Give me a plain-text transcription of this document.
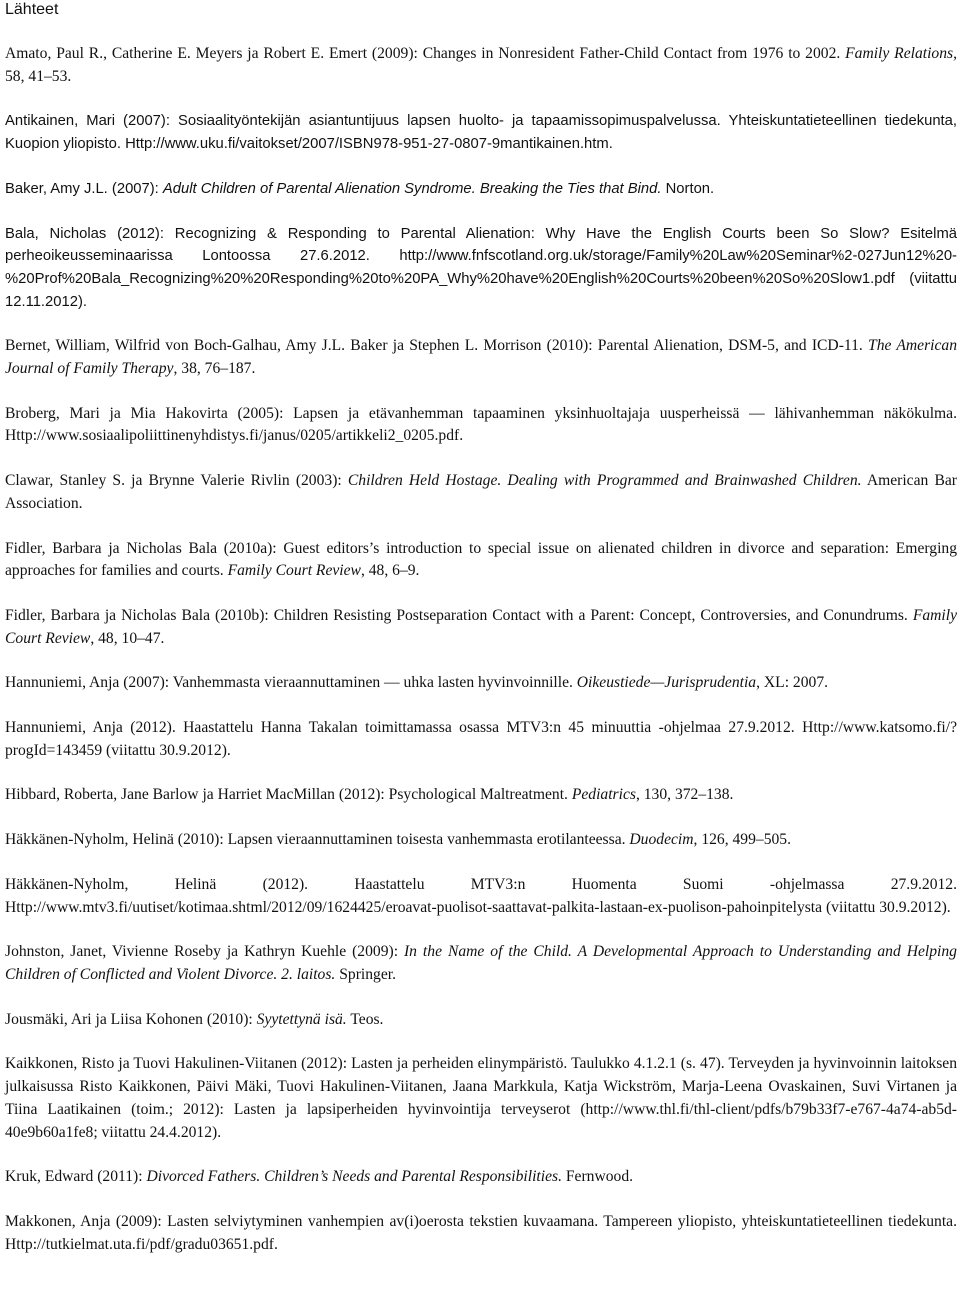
Lähteet

Amato, Paul R., Catherine E. Meyers ja Robert E. Emert (2009): Changes in Nonresident Father-Child Contact from 1976 to 2002. Family Relations, 58, 41–53.

Antikainen, Mari (2007): Sosiaalityöntekijän asiantuntijuus lapsen huolto- ja tapaamissopimuspalvelussa. Yhteiskuntatieteellinen tiedekunta, Kuopion yliopisto. Http://www.uku.fi/vaitokset/2007/ISBN978-951-27-0807-9mantikainen.htm.

Baker, Amy J.L. (2007): Adult Children of Parental Alienation Syndrome. Breaking the Ties that Bind. Norton.

Bala, Nicholas (2012): Recognizing & Responding to Parental Alienation: Why Have the English Courts been So Slow? Esitelmä perheoikeusseminaarissa Lontoossa 27.6.2012. http://www.fnfscotland.org.uk/storage/Family%20Law%20Seminar%2-027Jun12%20-%20Prof%20Bala_Recognizing%20%20Responding%20to%20PA_Why%20have%20English%20Courts%20been%20So%20Slow1.pdf (viitattu 12.11.2012).

Bernet, William, Wilfrid von Boch-Galhau, Amy J.L. Baker ja Stephen L. Morrison (2010): Parental Alienation, DSM-5, and ICD-11. The American Journal of Family Therapy, 38, 76–187.

Broberg, Mari ja Mia Hakovirta (2005): Lapsen ja etävanhemman tapaaminen yksinhuoltajaja uusperheissä — lähivanhemman näkökulma. Http://www.sosiaalipoliittinenyhdistys.fi/janus/0205/artikkeli2_0205.pdf.

Clawar, Stanley S. ja Brynne Valerie Rivlin (2003): Children Held Hostage. Dealing with Programmed and Brainwashed Children. American Bar Association.

Fidler, Barbara ja Nicholas Bala (2010a): Guest editors’s introduction to special issue on alienated children in divorce and separation: Emerging approaches for families and courts. Family Court Review, 48, 6–9.

Fidler, Barbara ja Nicholas Bala (2010b): Children Resisting Postseparation Contact with a Parent: Concept, Controversies, and Conundrums. Family Court Review, 48, 10–47.

Hannuniemi, Anja (2007): Vanhemmasta vieraannuttaminen — uhka lasten hyvinvoinnille. Oikeustiede—Jurisprudentia, XL: 2007.

Hannuniemi, Anja (2012). Haastattelu Hanna Takalan toimittamassa osassa MTV3:n 45 minuuttia -ohjelmaa 27.9.2012. Http://www.katsomo.fi/?progId=143459 (viitattu 30.9.2012).

Hibbard, Roberta, Jane Barlow ja Harriet MacMillan (2012): Psychological Maltreatment. Pediatrics, 130, 372–138.

Häkkänen-Nyholm, Helinä (2010): Lapsen vieraannuttaminen toisesta vanhemmasta erotilanteessa. Duodecim, 126, 499–505.

Häkkänen-Nyholm, Helinä (2012). Haastattelu MTV3:n Huomenta Suomi -ohjelmassa 27.9.2012. Http://www.mtv3.fi/uutiset/kotimaa.shtml/2012/09/1624425/eroavat-puolisot-saattavat-palkita-lastaan-ex-puolison-pahoinpitelysta (viitattu 30.9.2012).

Johnston, Janet, Vivienne Roseby ja Kathryn Kuehle (2009): In the Name of the Child. A Developmental Approach to Understanding and Helping Children of Conflicted and Violent Divorce. 2. laitos. Springer.

Jousmäki, Ari ja Liisa Kohonen (2010): Syytettynä isä. Teos.

Kaikkonen, Risto ja Tuovi Hakulinen-Viitanen (2012): Lasten ja perheiden elinympäristö. Taulukko 4.1.2.1 (s. 47). Terveyden ja hyvinvoinnin laitoksen julkaisussa Risto Kaikkonen, Päivi Mäki, Tuovi Hakulinen-Viitanen, Jaana Markkula, Katja Wickström, Marja-Leena Ovaskainen, Suvi Virtanen ja Tiina Laatikainen (toim.; 2012): Lasten ja lapsiperheiden hyvinvointija terveyserot (http://www.thl.fi/thl-client/pdfs/b79b33f7-e767-4a74-ab5d-40e9b60a1fe8; viitattu 24.4.2012).

Kruk, Edward (2011): Divorced Fathers. Children’s Needs and Parental Responsibilities. Fernwood.

Makkonen, Anja (2009): Lasten selviytyminen vanhempien av(i)oerosta tekstien kuvaamana. Tampereen yliopisto, yhteiskuntatieteellinen tiedekunta. Http://tutkielmat.uta.fi/pdf/gradu03651.pdf.
